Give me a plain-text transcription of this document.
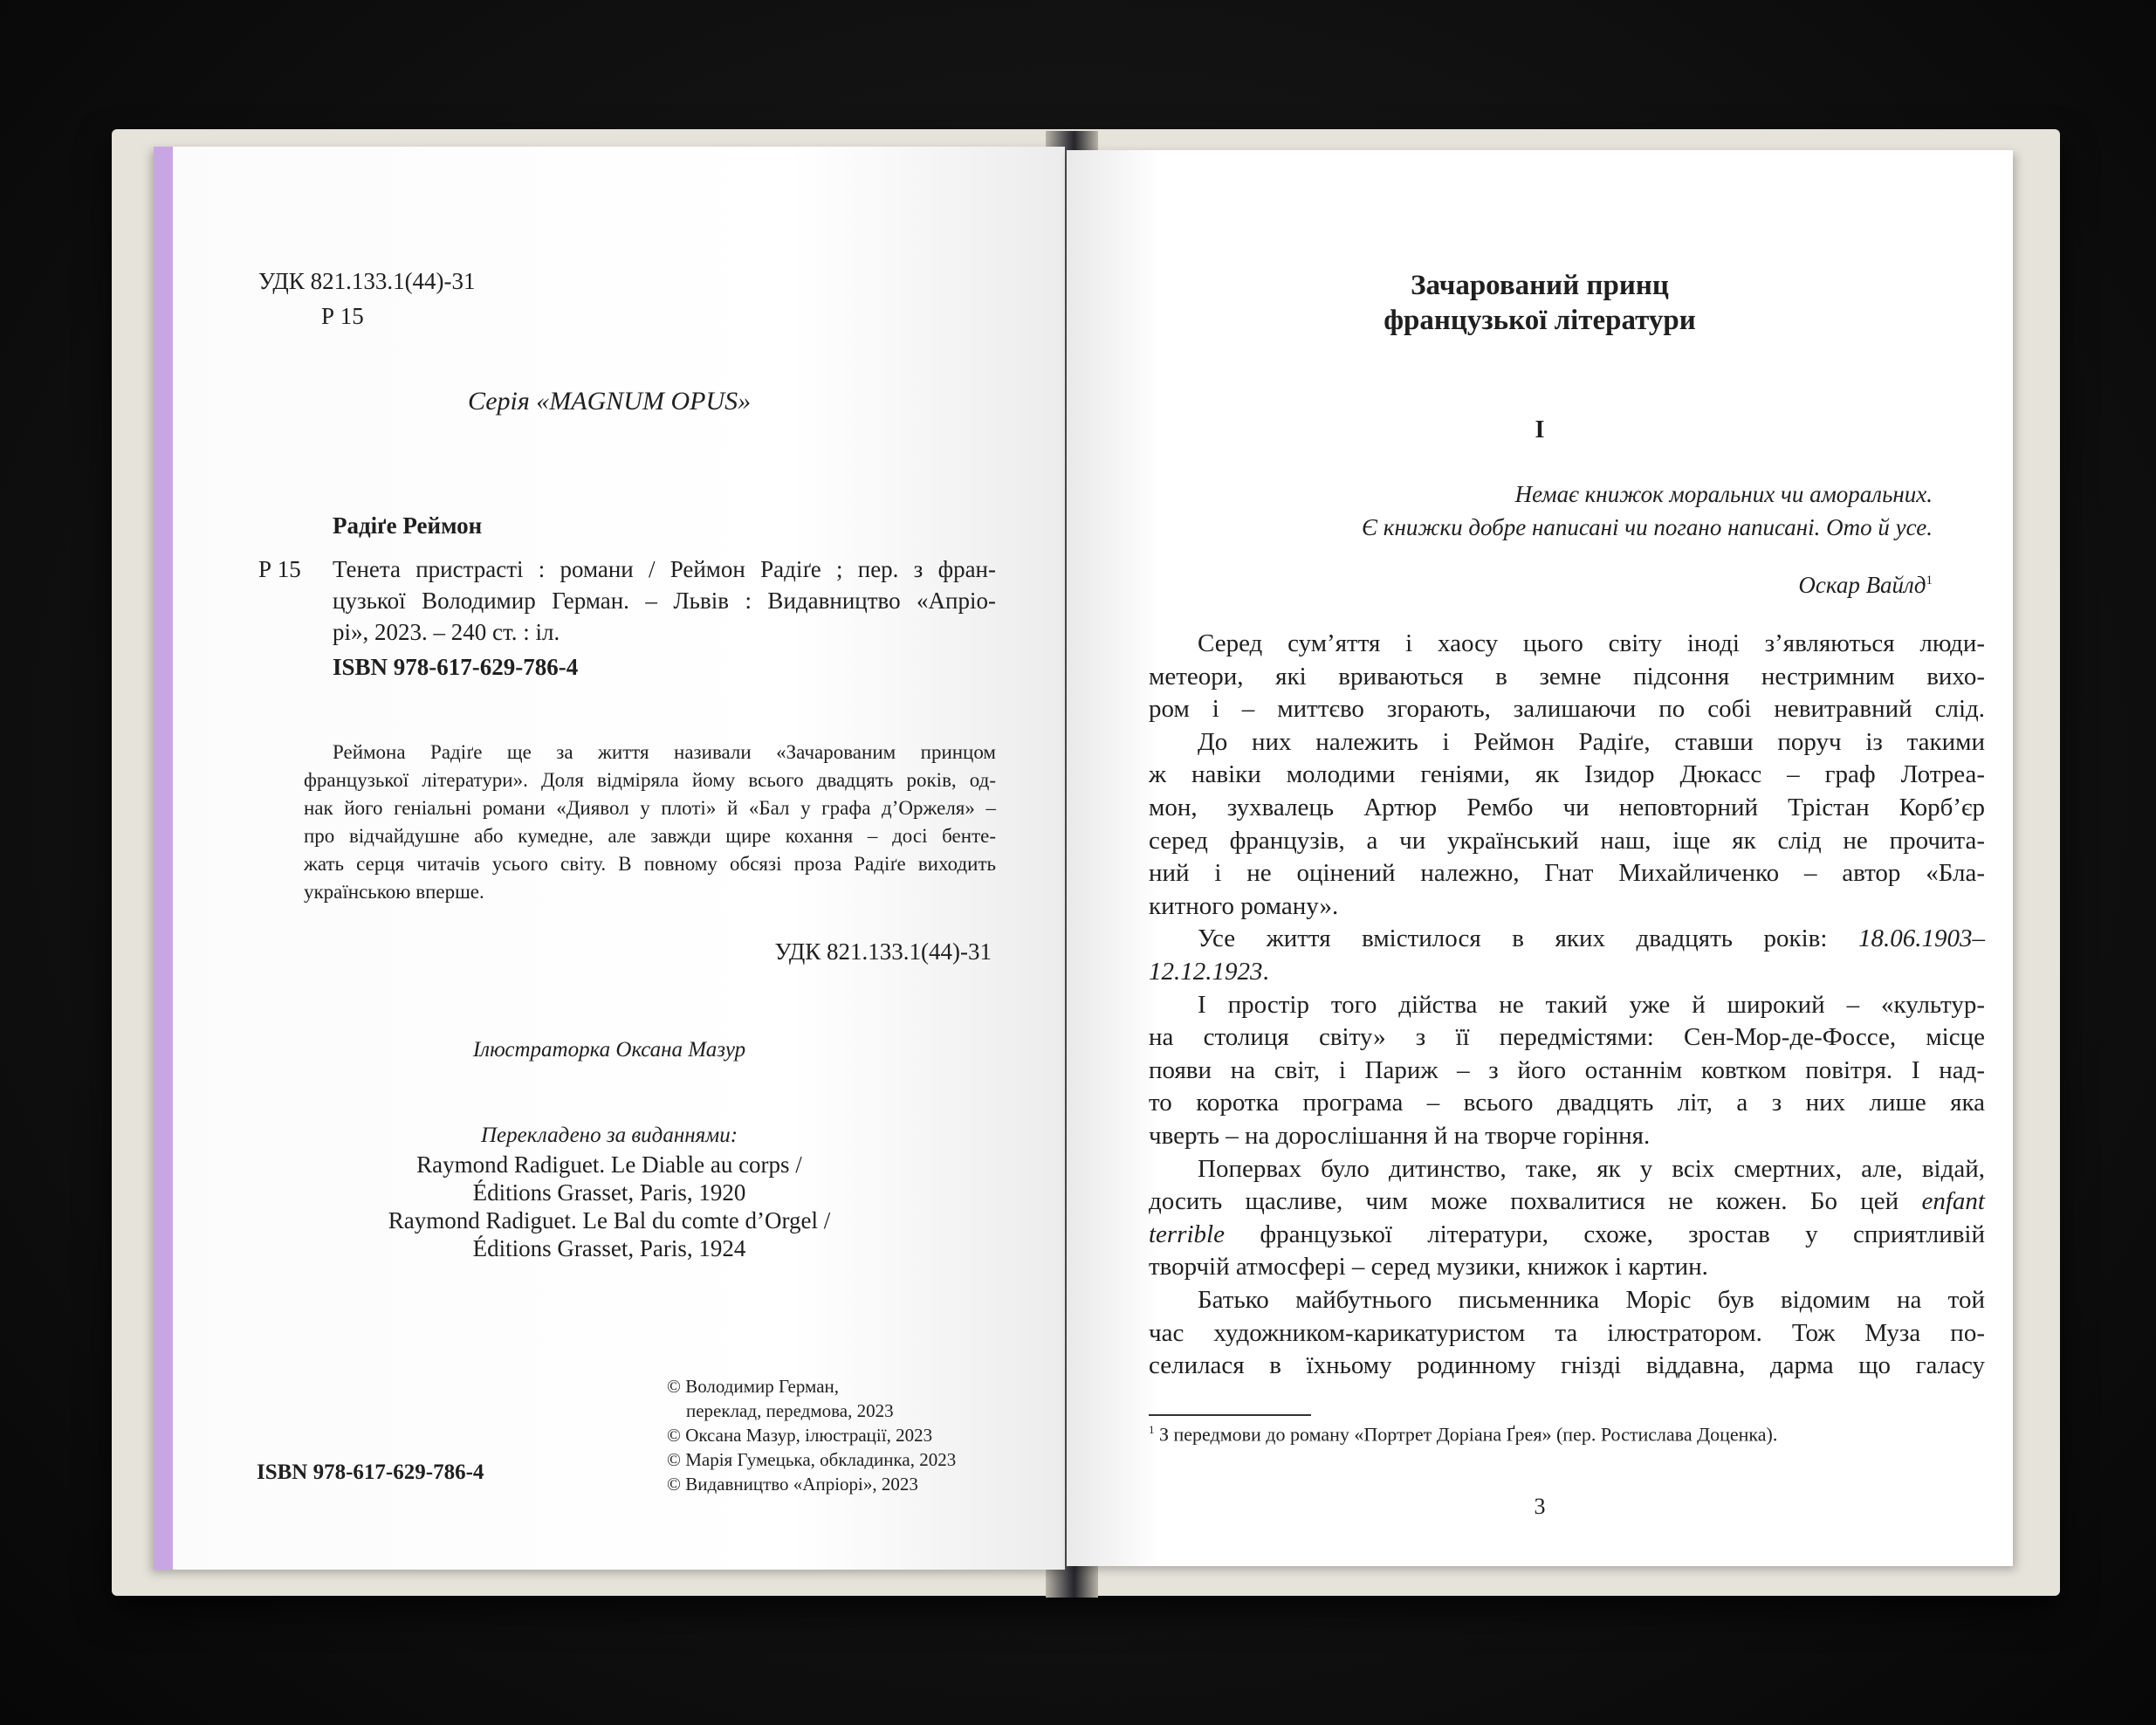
УДК 821.133.1(44)-31
Р 15
Серія «MAGNUM OPUS»
Радіґе Реймон
Р 15 Тенета пристрасті : романи / Реймон Радіґе ; пер. з фран-
цузької Володимир Герман. – Львів : Видавництво «Апріо-
рі», 2023. – 240 ст. : іл.
ISBN 978-617-629-786-4
Реймона Радіґе ще за життя називали «Зачарованим принцом
французької літератури». Доля відміряла йому всього двадцять років, од-
нак його геніальні романи «Диявол у плоті» й «Бал у графа д’Оржеля» –
про відчайдушне або кумедне, але завжди щире кохання – досі бенте-
жать серця читачів усього світу. В повному обсязі проза Радіґе виходить
українською вперше.
УДК 821.133.1(44)-31
Ілюстраторка Оксана Мазур
Перекладено за виданнями:
Raymond Radiguet. Le Diable au corps /
Éditions Grasset, Paris, 1920
Raymond Radiguet. Le Bal du comte d’Orgel /
Éditions Grasset, Paris, 1924
ISBN 978-617-629-786-4
© Володимир Герман,
переклад, передмова, 2023
© Оксана Мазур, ілюстрації, 2023
© Марія Гумецька, обкладинка, 2023
© Видавництво «Апріорі», 2023
Зачарований принц
французької літератури
I
Немає книжок моральних чи аморальних.
Є книжки добре написані чи погано написані. Ото й усе.
Оскар Вайлд$^1$
Серед сум’яття і хаосу цього світу іноді з’являються люди-
метеори, які вриваються в земне підсоння нестримним вихо-
ром і – миттєво згорають, залишаючи по собі невитравний слід.
До них належить і Реймон Радіґе, ставши поруч із такими
ж навіки молодими геніями, як Ізидор Дюкасс – граф Лотреа-
мон, зухвалець Артюр Рембо чи неповторний Трістан Корб’єр
серед французів, а чи український наш, іще як слід не прочита-
ний і не оцінений належно, Гнат Михайличенко – автор «Бла-
китного роману».
Усе життя вмістилося в яких двадцять років: 18.06.1903–
12.12.1923.
І простір того дійства не такий уже й широкий – «культур-
на столиця світу» з її передмістями: Сен-Мор-де-Фоссе, місце
появи на світ, і Париж – з його останнім ковтком повітря. І над-
то коротка програма – всього двадцять літ, а з них лише яка
чверть – на дорослішання й на творче горіння.
Попервах було дитинство, таке, як у всіх смертних, але, відай,
досить щасливе, чим може похвалитися не кожен. Бо цей enfant
terrible французької літератури, схоже, зростав у сприятливій
творчій атмосфері – серед музики, книжок і картин.
Батько майбутнього письменника Моріс був відомим на той
час художником-карикатуристом та ілюстратором. Тож Муза по-
селилася в їхньому родинному гнізді віддавна, дарма що галасу
$^1$ З передмови до роману «Портрет Доріана Ґрея» (пер. Ростислава Доценка).
3
